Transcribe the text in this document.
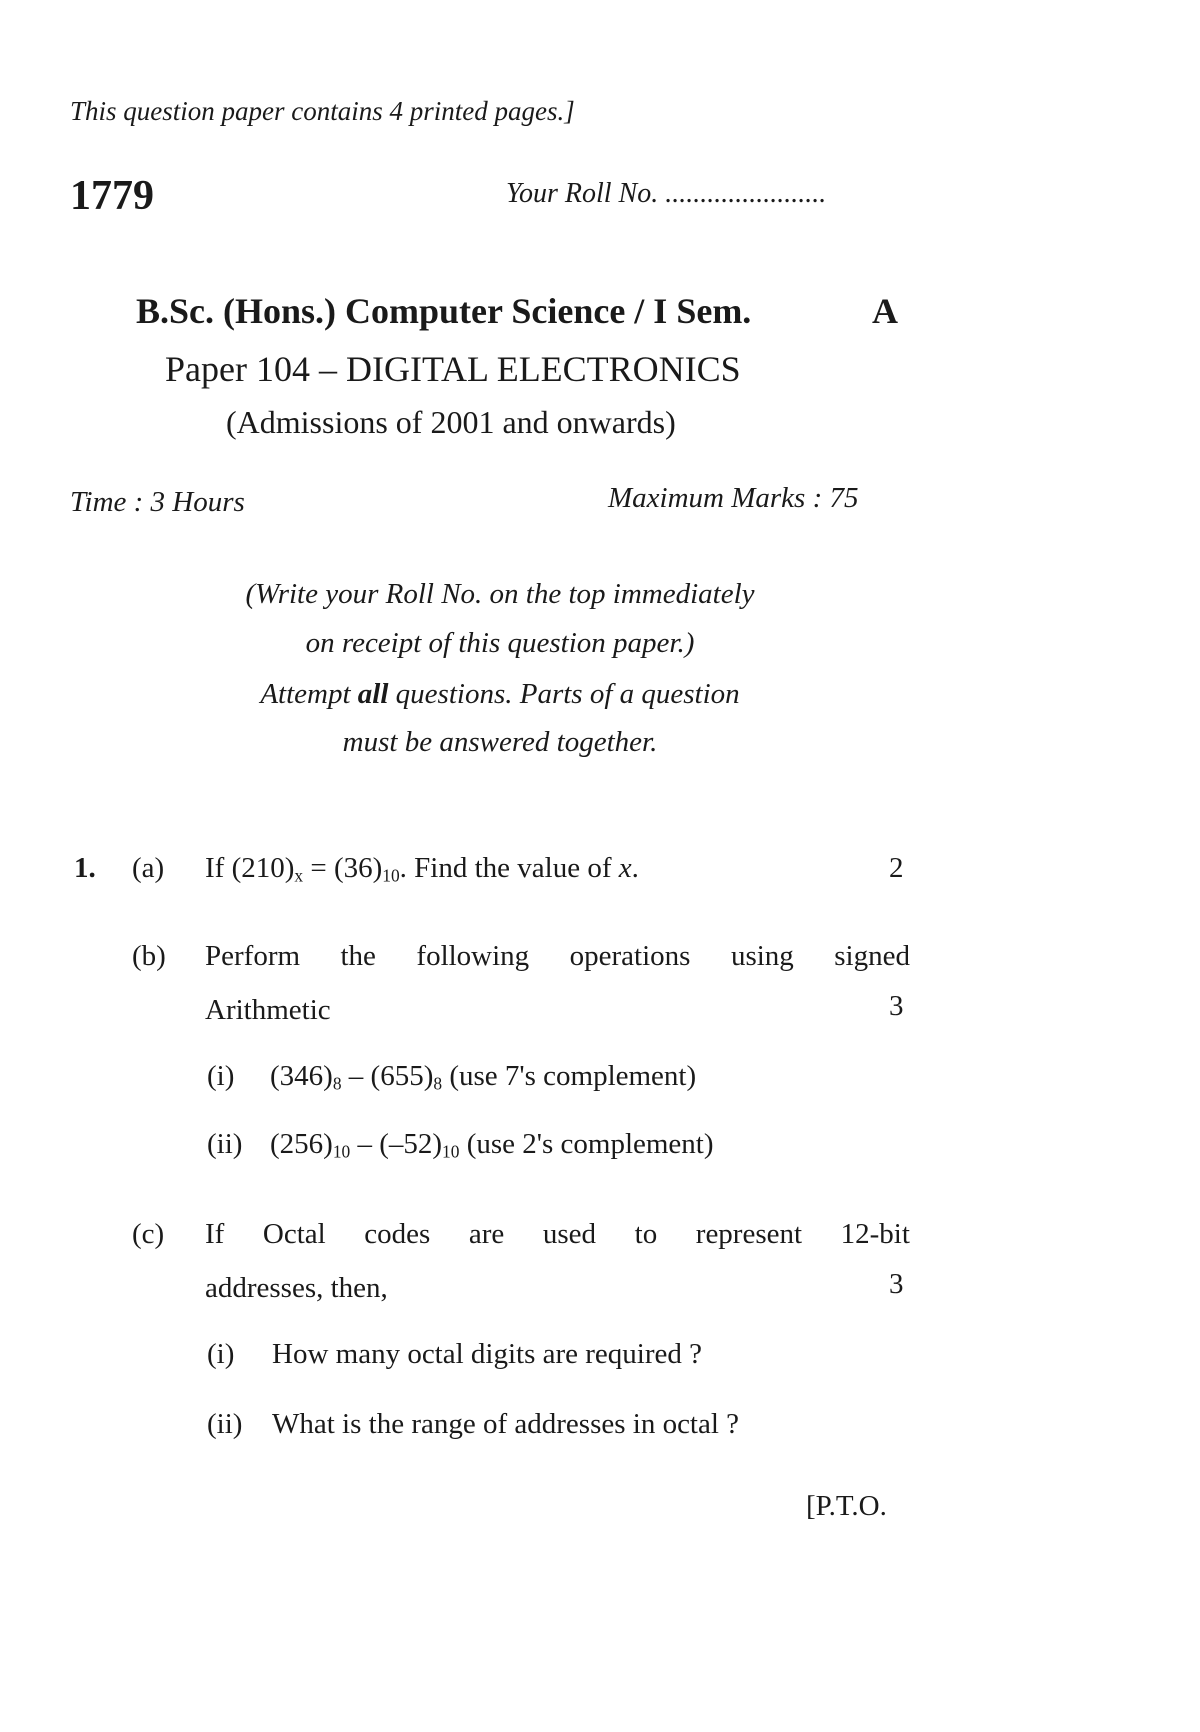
This question paper contains 4 printed pages.]
1779	Your Roll No. .......................
B.Sc. (Hons.) Computer Science / I Sem.	A
Paper 104 – DIGITAL ELECTRONICS
(Admissions of 2001 and onwards)
Time : 3 Hours	Maximum Marks : 75
(Write your Roll No. on the top immediately
on receipt of this question paper.)
Attempt all questions. Parts of a question
must be answered together.
1. (a) If $(210)_x = (36)_{10}$. Find the value of x.	2
(b) Perform the following operations using signed
Arithmetic	3
(i) $(346)_8 - (655)_8$ (use 7's complement)
(ii) $(256)_{10} - (-52)_{10}$ (use 2's complement)
(c) If Octal codes are used to represent 12-bit
addresses, then,	3
(i) How many octal digits are required ?
(ii) What is the range of addresses in octal ?
[P.T.O.
